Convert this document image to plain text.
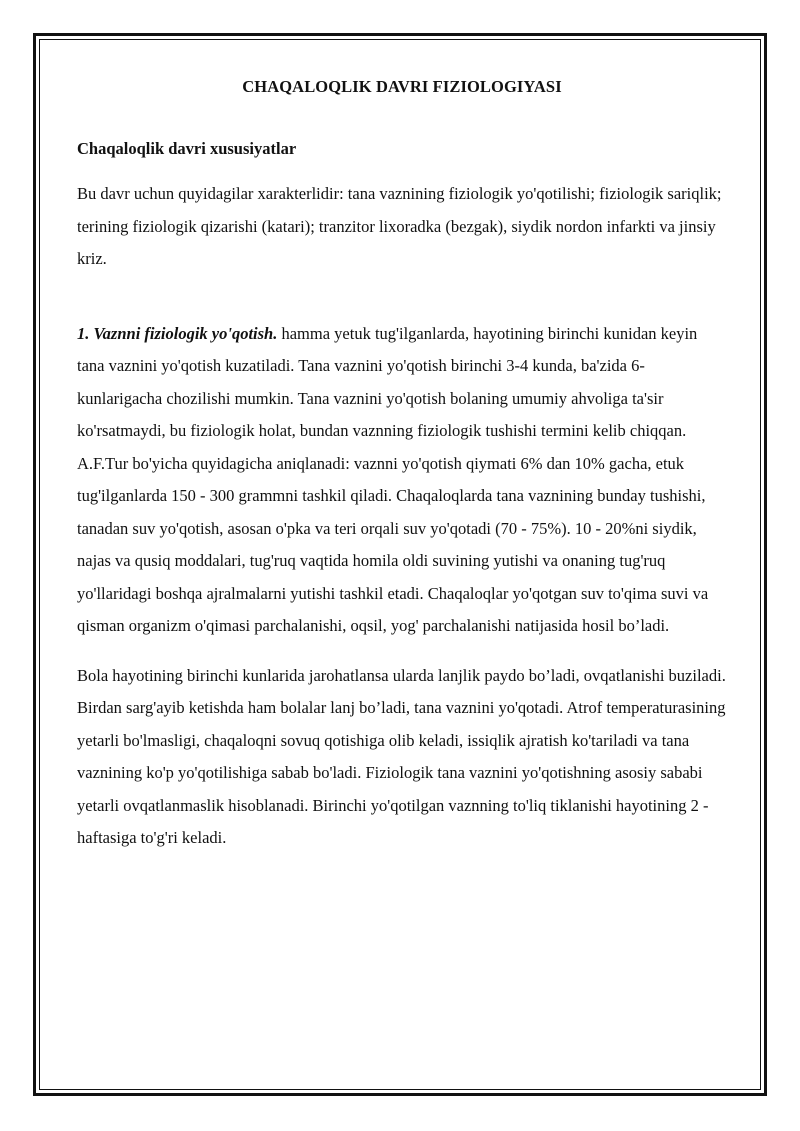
CHAQALOQLIK DAVRI FIZIOLOGIYASI
Chaqaloqlik davri xususiyatlar

Bu davr uchun quyidagilar xarakterlidir: tana vaznining fiziologik yo'qotilishi; fiziologik sariqlik; terining fiziologik qizarishi (katari); tranzitor lixoradka (bezgak), siydik nordon infarkti va jinsiy kriz.

1. Vaznni fiziologik yo'qotish. hamma yetuk tug'ilganlarda, hayotining birinchi kunidan keyin tana vaznini yo'qotish kuzatiladi. Tana vaznini yo'qotish birinchi 3-4 kunda, ba'zida 6- kunlarigacha chozilishi mumkin. Tana vaznini yo'qotish bolaning umumiy ahvoliga ta'sir ko'rsatmaydi, bu fiziologik holat, bundan vaznning fiziologik tushishi termini kelib chiqqan. A.F.Tur bo'yicha quyidagicha aniqlanadi: vaznni yo'qotish qiymati 6% dan 10% gacha, etuk tug'ilganlarda 150 - 300 grammni tashkil qiladi. Chaqaloqlarda tana vaznining bunday tushishi, tanadan suv yo'qotish, asosan o'pka va teri orqali suv yo'qotadi (70 - 75%). 10 - 20%ni siydik, najas va qusiq moddalari, tug'ruq vaqtida homila oldi suvining yutishi va onaning tug'ruq yo'llaridagi boshqa ajralmalarni yutishi tashkil etadi. Chaqaloqlar yo'qotgan suv to'qima suvi va qisman organizm o'qimasi parchalanishi, oqsil, yog' parchalanishi natijasida hosil bo’ladi.

Bola hayotining birinchi kunlarida jarohatlansa ularda lanjlik paydo bo’ladi, ovqatlanishi buziladi. Birdan sarg'ayib ketishda ham bolalar lanj bo’ladi, tana vaznini yo'qotadi. Atrof temperaturasining yetarli bo'lmasligi, chaqaloqni sovuq qotishiga olib keladi, issiqlik ajratish ko'tariladi va tana vaznining ko'p yo'qotilishiga sabab bo'ladi. Fiziologik tana vaznini yo'qotishning asosiy sababi yetarli ovqatlanmaslik hisoblanadi. Birinchi yo'qotilgan vaznning to'liq tiklanishi hayotining 2 - haftasiga to'g'ri keladi.
